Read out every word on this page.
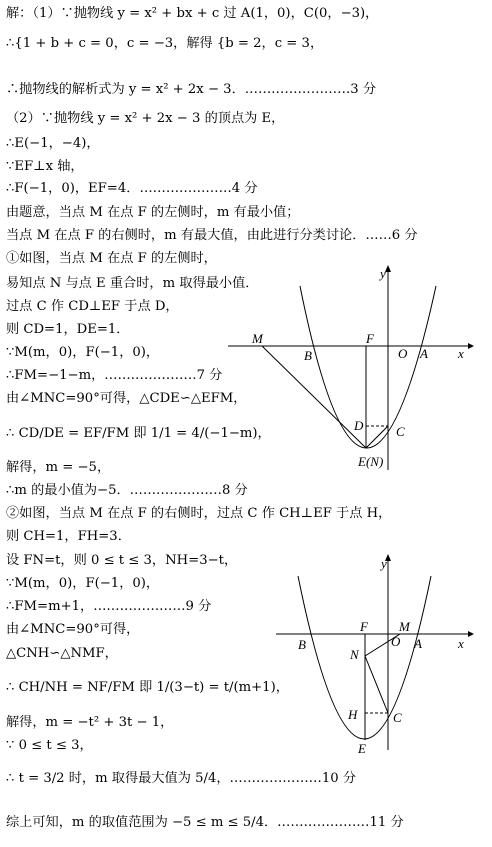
解：（1）∵抛物线 y = x² + bx + c 过 A(1，0)，C(0，−3)，
∴{1 + b + c = 0，c = −3，解得 {b = 2，c = 3，
∴抛物线的解析式为 y = x² + 2x − 3．……………………3 分
（2）∵抛物线 y = x² + 2x − 3 的顶点为 E，
∴E(−1，−4)，
∵EF⊥x 轴，
∴F(−1，0)，EF=4．…………………4 分
由题意，当点 M 在点 F 的左侧时，m 有最小值；
当点 M 在点 F 的右侧时，m 有最大值，由此进行分类讨论．……6 分
①如图，当点 M 在点 F 的左侧时，
易知点 N 与点 E 重合时，m 取得最小值．
过点 C 作 CD⊥EF 于点 D，
则 CD=1，DE=1．
∵M(m，0)，F(−1，0)，
∴FM=−1−m，…………………7 分
由∠MNC=90°可得，△CDE∽△EFM，
∴ CD/DE = EF/FM 即 1/1 = 4/(−1−m)，
解得，m = −5，
∴m 的最小值为−5．…………………8 分
②如图，当点 M 在点 F 的右侧时，过点 C 作 CH⊥EF 于点 H，
则 CH=1，FH=3．
设 FN=t，则 0 ≤ t ≤ 3，NH=3−t，
∵M(m，0)，F(−1，0)，
∴FM=m+1，…………………9 分
由∠MNC=90°可得，
△CNH∽△NMF，
∴ CH/NH = NF/FM 即 1/(3−t) = t/(m+1)，
解得，m = −t² + 3t − 1，
∵ 0 ≤ t ≤ 3，
∴ t = 3/2 时，m 取得最大值为 5/4，…………………10 分
综上可知，m 的取值范围为 −5 ≤ m ≤ 5/4．…………………11 分
y
x
M
B
F
O A
D	C
E(N)
y
x
B
F M
O A
N
H	C
E
